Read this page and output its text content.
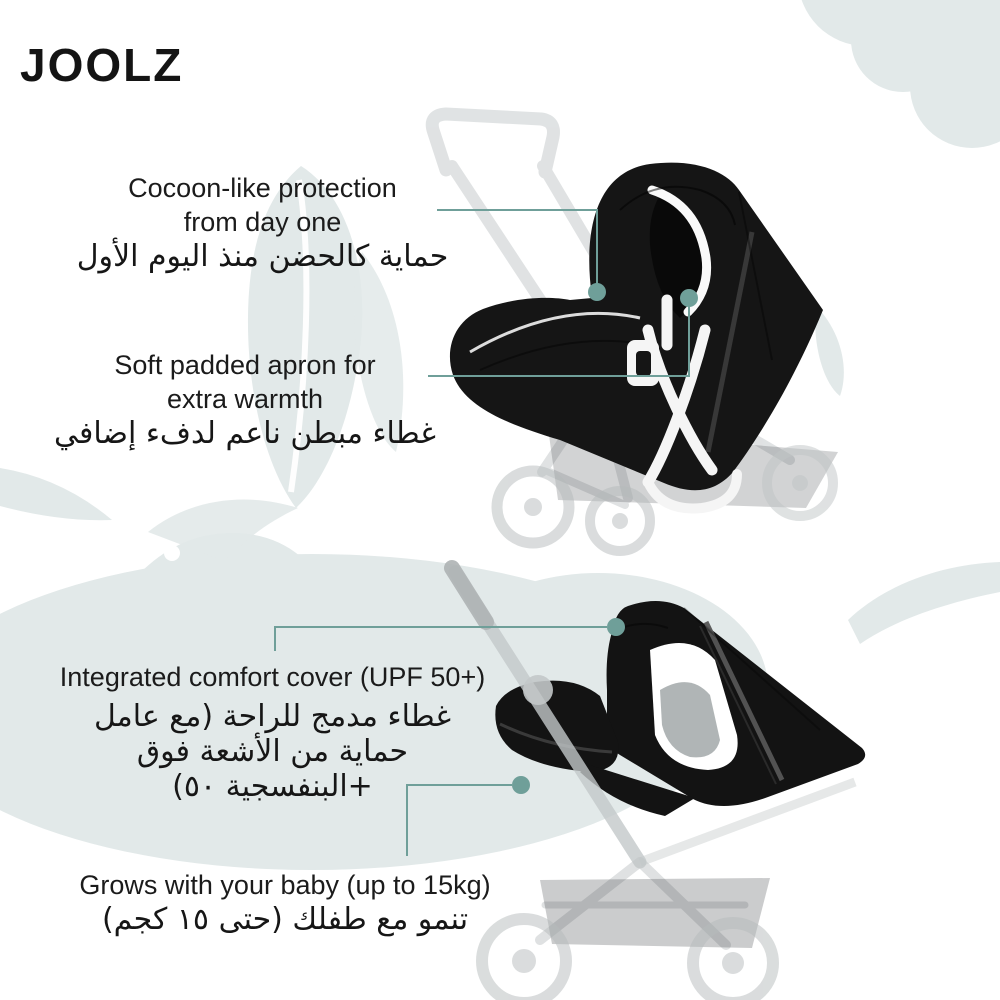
JOOLZ
Cocoon-like protection
from day one
حماية كالحضن منذ اليوم الأول
Soft padded apron for
extra warmth
غطاء مبطن ناعم لدفء إضافي
Integrated comfort cover (UPF 50+)
غطاء مدمج للراحة (مع عامل
حماية من الأشعة فوق
+البنفسجية ٥٠)
Grows with your baby (up to 15kg)
تنمو مع طفلك (حتى ١٥ كجم)
